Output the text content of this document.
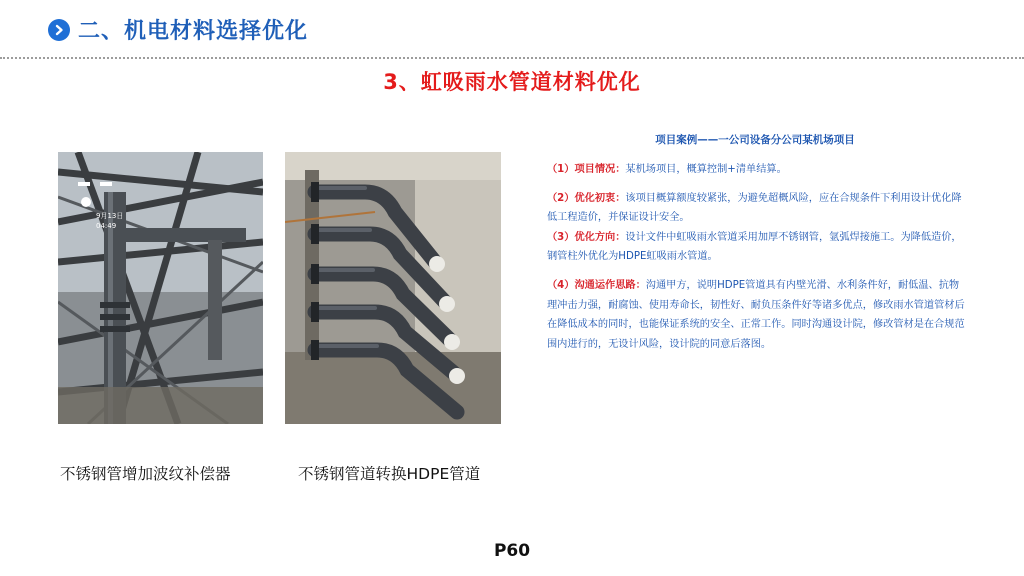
二、机电材料选择优化
3、虹吸雨水管道材料优化
9月13日
04:49
不锈钢管增加波纹补偿器	不锈钢管道转换HDPE管道
项目案例——一公司设备分公司某机场项目

（1）项目情况：某机场项目，概算控制+清单结算。

（2）优化初衷：该项目概算额度较紧张，为避免超概风险，应在合规条件下利用设计优化降低工程造价，并保证设计安全。

（3）优化方向：设计文件中虹吸雨水管道采用加厚不锈钢管，氩弧焊接施工。为降低造价，钢管柱外优化为HDPE虹吸雨水管道。

（4）沟通运作思路：沟通甲方，说明HDPE管道具有内壁光滑、水利条件好，耐低温、抗物理冲击力强，耐腐蚀、使用寿命长，韧性好、耐负压条件好等诸多优点，修改雨水管道管材后在降低成本的同时，也能保证系统的安全、正常工作。同时沟通设计院，修改管材是在合规范围内进行的，无设计风险，设计院的同意后落图。

P60
